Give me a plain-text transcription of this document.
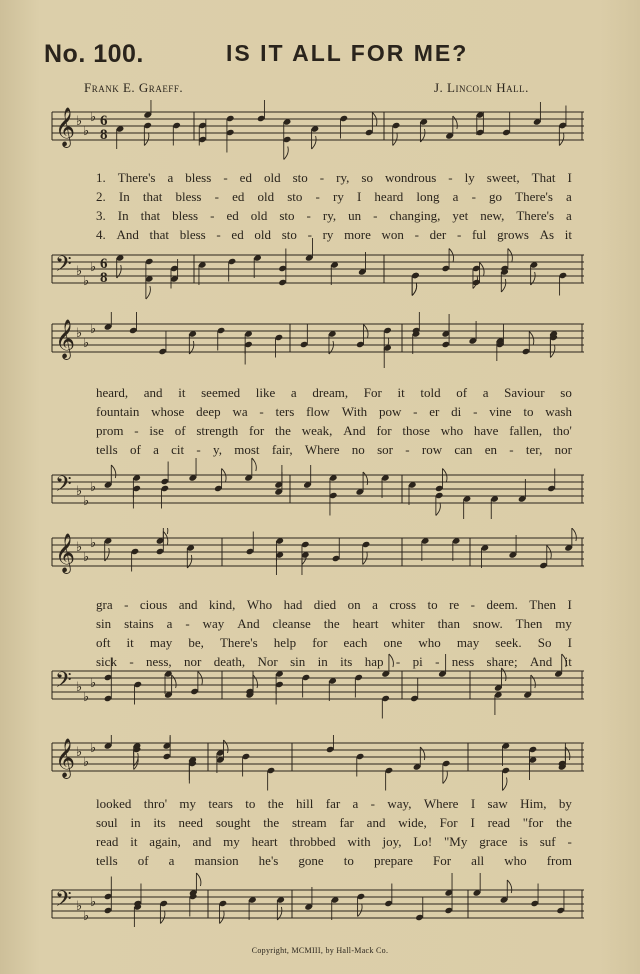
No. 100.	IS IT ALL FOR ME?
Frank E. Graeff.	J. Lincoln Hall.
𝄞 ♭
♭
♭ 6
8
𝄢 ♭
♭
♭ 6
8
1. There's a bless - ed old sto - ry, so wondrous - ly sweet, That I
2. In that bless - ed old sto - ry I heard long a - go There's a
3. In that bless - ed old sto - ry, un - changing, yet new, There's a
4. And that bless - ed old sto - ry more won - der - ful grows As it
𝄞 ♭
♭
♭
𝄢 ♭
♭
♭
heard, and it seemed like a dream, For it told of a Saviour so
fountain whose deep wa - ters flow With pow - er di - vine to wash
prom - ise of strength for the weak, And for those who have fallen, tho'
tells of a cit - y, most fair, Where no sor - row can en - ter, nor
𝄞 ♭
♭
♭
𝄢 ♭
♭
♭
gra - cious and kind, Who had died on a cross to re - deem. Then I
sin stains a - way And cleanse the heart whiter than snow. Then my
oft it may be, There's help for each one who may seek. So I
sick - ness, nor death, Nor sin in its hap - pi - ness share; And it
𝄞 ♭
♭
♭
𝄢 ♭
♭
♭
looked thro' my tears to the hill far a - way, Where I saw Him, by
soul in its need sought the stream far and wide, For I read "for the
read it again, and my heart throbbed with joy, Lo! "My grace is suf -
tells of a mansion he's gone to prepare For all who from
Copyright, MCMIII, by Hall-Mack Co.
